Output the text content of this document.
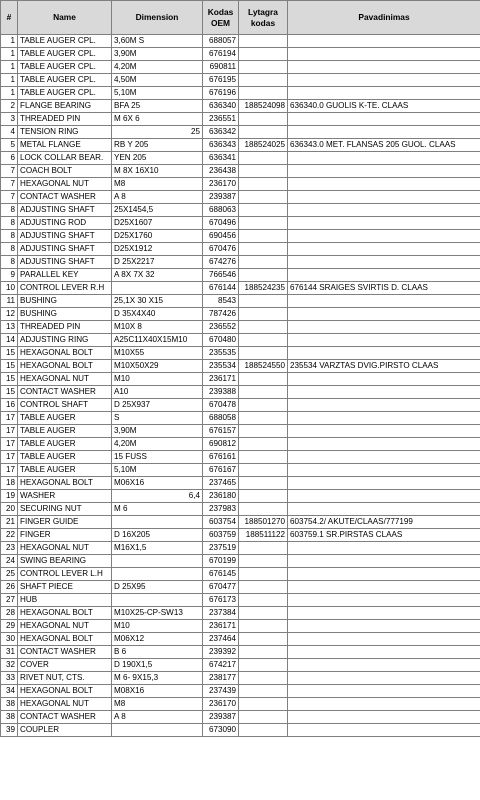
#	Name	Dimension	Kodas OEM	Lytagra kodas	Pavadinimas
1	TABLE AUGER CPL.	3,60M S	688057		
1	TABLE AUGER CPL.	3,90M	676194		
1	TABLE AUGER CPL.	4,20M	690811		
1	TABLE AUGER CPL.	4,50M	676195		
1	TABLE AUGER CPL.	5,10M	676196		
2	FLANGE BEARING	BFA 25	636340	188524098	636340.0 GUOLIS K-TE. CLAAS
3	THREADED PIN	M 6X 6	236551		
4	TENSION RING	25	636342		
5	METAL FLANGE	RB Y 205	636343	188524025	636343.0 MET. FLANSAS 205 GUOL. CLAAS
6	LOCK COLLAR BEAR.	YEN 205	636341		
7	COACH BOLT	M 8X 16X10	236438		
7	HEXAGONAL NUT	M8	236170		
7	CONTACT WASHER	A 8	239387		
8	ADJUSTING SHAFT	25X1454,5	688063		
8	ADJUSTING ROD	D25X1607	670496		
8	ADJUSTING SHAFT	D25X1760	690456		
8	ADJUSTING SHAFT	D25X1912	670476		
8	ADJUSTING SHAFT	D 25X2217	674276		
9	PARALLEL KEY	A 8X 7X 32	766546		
10	CONTROL LEVER R.H		676144	188524235	676144 SRAIGES SVIRTIS D. CLAAS
11	BUSHING	25,1X 30 X15	8543		
12	BUSHING	D 35X4X40	787426		
13	THREADED PIN	M10X 8	236552		
14	ADJUSTING RING	A25C11X40X15M10	670480		
15	HEXAGONAL BOLT	M10X55	235535		
15	HEXAGONAL BOLT	M10X50X29	235534	188524550	235534 VARZTAS DVIG.PIRSTO CLAAS
15	HEXAGONAL NUT	M10	236171		
15	CONTACT WASHER	A10	239388		
16	CONTROL SHAFT	D 25X937	670478		
17	TABLE AUGER	S	688058		
17	TABLE AUGER	3,90M	676157		
17	TABLE AUGER	4,20M	690812		
17	TABLE AUGER	15 FUSS	676161		
17	TABLE AUGER	5,10M	676167		
18	HEXAGONAL BOLT	M06X16	237465		
19	WASHER	6,4	236180		
20	SECURING NUT	M 6	237983		
21	FINGER GUIDE		603754	188501270	603754.2/ AKUTE/CLAAS/777199
22	FINGER	D 16X205	603759	188511122	603759.1 SR.PIRSTAS CLAAS
23	HEXAGONAL NUT	M16X1,5	237519		
24	SWING BEARING		670199		
25	CONTROL LEVER L.H		676145		
26	SHAFT PIECE	D 25X95	670477		
27	HUB		676173		
28	HEXAGONAL BOLT	M10X25-CP-SW13	237384		
29	HEXAGONAL NUT	M10	236171		
30	HEXAGONAL BOLT	M06X12	237464		
31	CONTACT WASHER	B 6	239392		
32	COVER	D 190X1,5	674217		
33	RIVET NUT, CTS.	M 6- 9X15,3	238177		
34	HEXAGONAL BOLT	M08X16	237439		
38	HEXAGONAL NUT	M8	236170		
38	CONTACT WASHER	A 8	239387		
39	COUPLER		673090		
